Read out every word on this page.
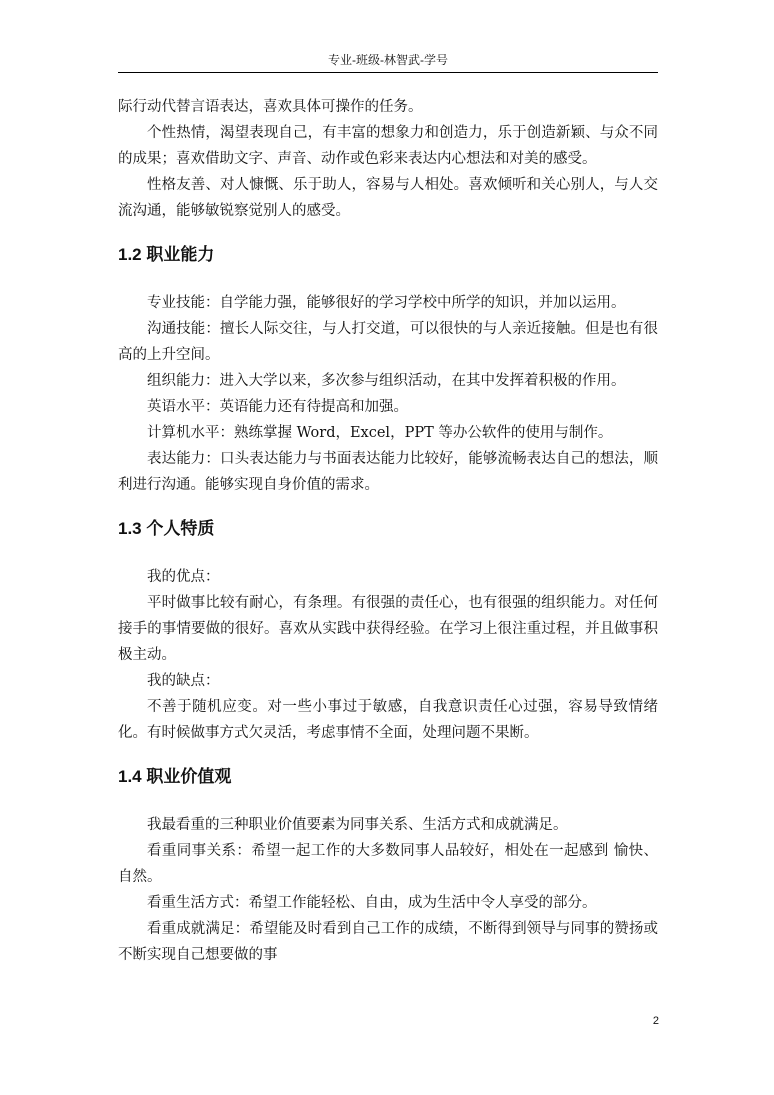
专业-班级-林智武-学号

际行动代替言语表达，喜欢具体可操作的任务。

个性热情，渴望表现自己，有丰富的想象力和创造力，乐于创造新颖、与众不同的成果；喜欢借助文字、声音、动作或色彩来表达内心想法和对美的感受。

性格友善、对人慷慨、乐于助人，容易与人相处。喜欢倾听和关心别人，与人交流沟通，能够敏锐察觉别人的感受。

1.2 职业能力

专业技能：自学能力强，能够很好的学习学校中所学的知识，并加以运用。

沟通技能：擅长人际交往，与人打交道，可以很快的与人亲近接触。但是也有很高的上升空间。

组织能力：进入大学以来，多次参与组织活动，在其中发挥着积极的作用。

英语水平：英语能力还有待提高和加强。

计算机水平：熟练掌握 Word，Excel，PPT 等办公软件的使用与制作。

表达能力：口头表达能力与书面表达能力比较好，能够流畅表达自己的想法，顺利进行沟通。能够实现自身价值的需求。

1.3 个人特质

我的优点：

平时做事比较有耐心，有条理。有很强的责任心，也有很强的组织能力。对任何接手的事情要做的很好。喜欢从实践中获得经验。在学习上很注重过程，并且做事积极主动。

我的缺点：

不善于随机应变。对一些小事过于敏感，自我意识责任心过强，容易导致情绪化。有时候做事方式欠灵活，考虑事情不全面，处理问题不果断。

1.4 职业价值观

我最看重的三种职业价值要素为同事关系、生活方式和成就满足。

看重同事关系：希望一起工作的大多数同事人品较好，相处在一起感到 愉快、自然。

看重生活方式：希望工作能轻松、自由，成为生活中令人享受的部分。

看重成就满足：希望能及时看到自己工作的成绩，不断得到领导与同事的赞扬或不断实现自己想要做的事

2
